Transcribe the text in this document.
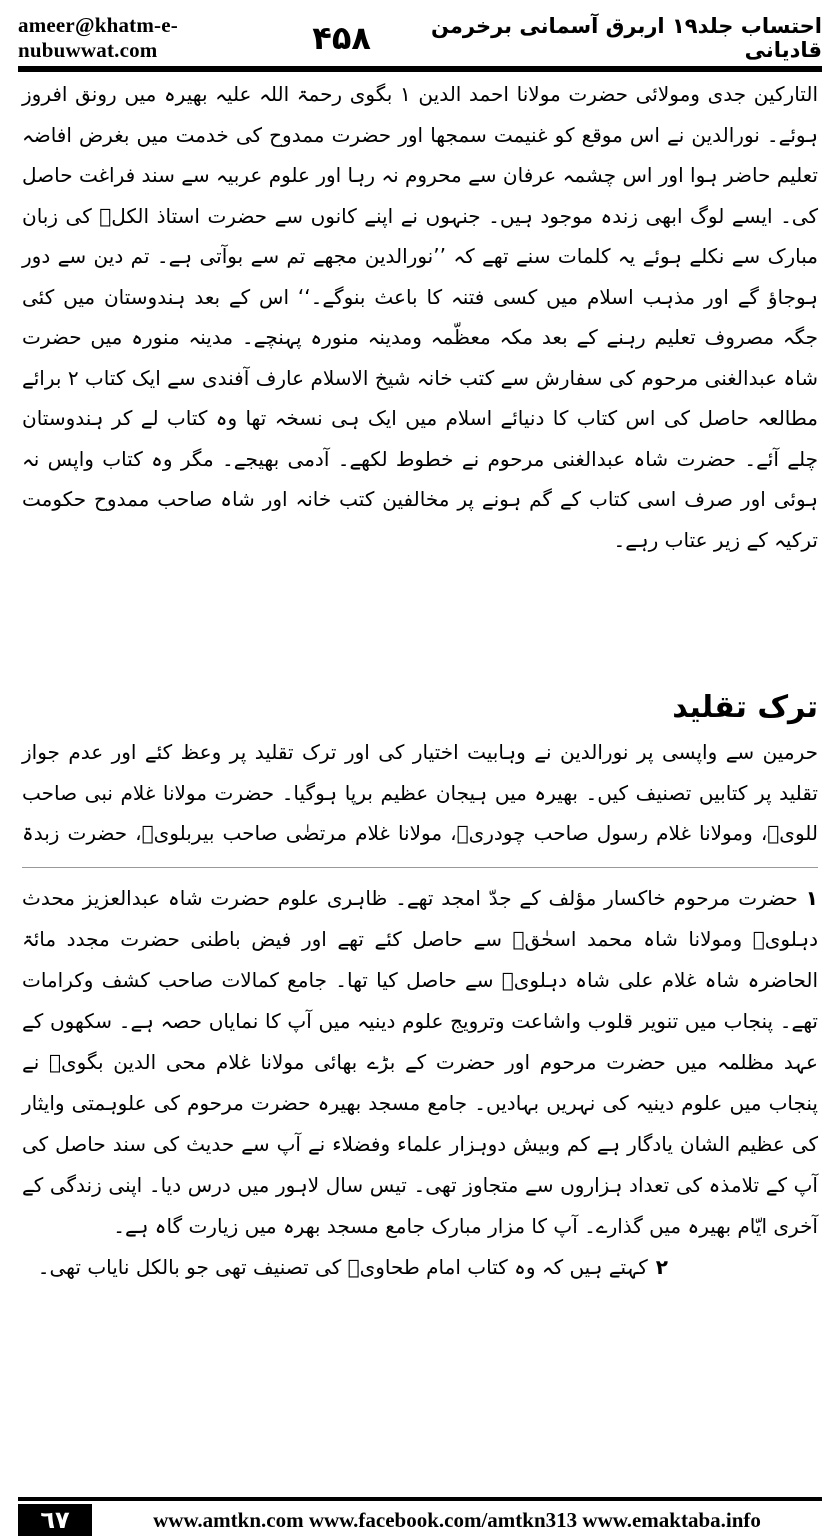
ameer@khatm-e-nubuwwat.com	۴۵۸	احتساب جلد۱۹ اربرق آسمانی برخرمن قادیانی

التارکین جدی ومولائی حضرت مولانا احمد الدین ۱ بگوی رحمۃ اللہ علیہ بھیرہ میں رونق افروز ہوئے۔ نورالدین نے اس موقع کو غنیمت سمجھا اور حضرت ممدوح کی خدمت میں بغرض افاضہ تعلیم حاضر ہوا اور اس چشمہ عرفان سے محروم نہ رہا اور علوم عربیہ سے سند فراغت حاصل کی۔ ایسے لوگ ابھی زندہ موجود ہیں۔ جنہوں نے اپنے کانوں سے حضرت استاذ الکلؒ کی زبان مبارک سے نکلے ہوئے یہ کلمات سنے تھے کہ ’’نورالدین مجھے تم سے بوآتی ہے۔ تم دین سے دور ہوجاؤ گے اور مذہب اسلام میں کسی فتنہ کا باعث بنوگے۔‘‘ اس کے بعد ہندوستان میں کئی جگہ مصروف تعلیم رہنے کے بعد مکہ معظّمہ ومدینہ منورہ پہنچے۔ مدینہ منورہ میں حضرت شاہ عبدالغنی مرحوم کی سفارش سے کتب خانہ شیخ الاسلام عارف آفندی سے ایک کتاب ۲ برائے مطالعہ حاصل کی اس کتاب کا دنیائے اسلام میں ایک ہی نسخہ تھا وہ کتاب لے کر ہندوستان چلے آئے۔ حضرت شاہ عبدالغنی مرحوم نے خطوط لکھے۔ آدمی بھیجے۔ مگر وہ کتاب واپس نہ ہوئی اور صرف اسی کتاب کے گم ہونے پر مخالفین کتب خانہ اور شاہ صاحب ممدوح حکومت ترکیہ کے زیر عتاب رہے۔

ترک تقلید

حرمین سے واپسی پر نورالدین نے وہابیت اختیار کی اور ترک تقلید پر وعظ کئے اور عدم جواز تقلید پر کتابیں تصنیف کیں۔ بھیرہ میں ہیجان عظیم برپا ہوگیا۔ حضرت مولانا غلام نبی صاحب للویؒ، ومولانا غلام رسول صاحب چودریؒ، مولانا غلام مرتضٰی صاحب بیربلویؒ، حضرت زبدۃ

۱حضرت مرحوم خاکسار مؤلف کے جدّ امجد تھے۔ ظاہری علوم حضرت شاہ عبدالعزیز محدث دہلویؒ ومولانا شاہ محمد اسحٰقؒ سے حاصل کئے تھے اور فیض باطنی حضرت مجدد مائۃ الحاضرہ شاہ غلام علی شاہ دہلویؒ سے حاصل کیا تھا۔ جامع کمالات صاحب کشف وکرامات تھے۔ پنجاب میں تنویر قلوب واشاعت وترویج علوم دینیہ میں آپ کا نمایاں حصہ ہے۔ سکھوں کے عہد مظلمہ میں حضرت مرحوم اور حضرت کے بڑے بھائی مولانا غلام محی الدین بگویؒ نے پنجاب میں علوم دینیہ کی نہریں بہادیں۔ جامع مسجد بھیرہ حضرت مرحوم کی علوہمتی وایثار کی عظیم الشان یادگار ہے کم وبیش دوہزار علماء وفضلاء نے آپ سے حدیث کی سند حاصل کی آپ کے تلامذہ کی تعداد ہزاروں سے متجاوز تھی۔ تیس سال لاہور میں درس دیا۔ اپنی زندگی کے آخری ایّام بھیرہ میں گذارے۔ آپ کا مزار مبارک جامع مسجد بھرہ میں زیارت گاہ ہے۔

۲کہتے ہیں کہ وہ کتاب امام طحاویؒ کی تصنیف تھی جو بالکل نایاب تھی۔

٦٧	www.amtkn.com www.facebook.com/amtkn313 www.emaktaba.info
